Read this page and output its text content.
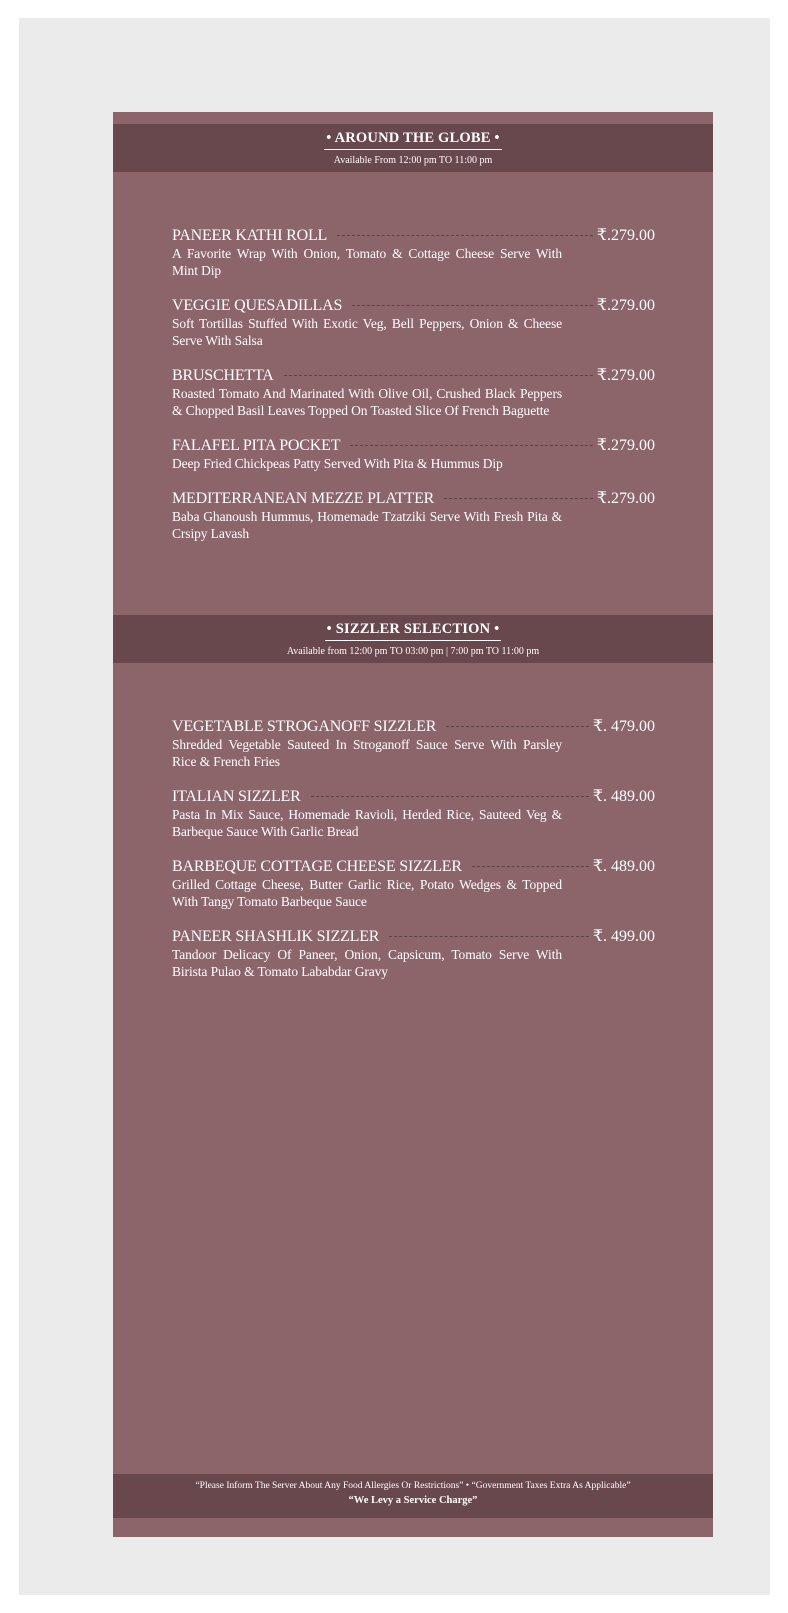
• AROUND THE GLOBE •
Available From 12:00 pm TO 11:00 pm
PANEER KATHI ROLL	₹.279.00
A Favorite Wrap With Onion, Tomato & Cottage Cheese Serve With Mint Dip
VEGGIE QUESADILLAS	₹.279.00
Soft Tortillas Stuffed With Exotic Veg, Bell Peppers, Onion & Cheese Serve With Salsa
BRUSCHETTA	₹.279.00
Roasted Tomato And Marinated With Olive Oil, Crushed Black Peppers & Chopped Basil Leaves Topped On Toasted Slice Of French Baguette
FALAFEL PITA POCKET	₹.279.00
Deep Fried Chickpeas Patty Served With Pita & Hummus Dip
MEDITERRANEAN MEZZE PLATTER	₹.279.00
Baba Ghanoush Hummus, Homemade Tzatziki Serve With Fresh Pita & Crsipy Lavash
• SIZZLER SELECTION •
Available from 12:00 pm TO 03:00 pm | 7:00 pm TO 11:00 pm
VEGETABLE STROGANOFF SIZZLER	₹. 479.00
Shredded Vegetable Sauteed In Stroganoff Sauce Serve With Parsley Rice & French Fries
ITALIAN SIZZLER	₹. 489.00
Pasta In Mix Sauce, Homemade Ravioli, Herded Rice, Sauteed Veg & Barbeque Sauce With Garlic Bread
BARBEQUE COTTAGE CHEESE SIZZLER	₹. 489.00
Grilled Cottage Cheese, Butter Garlic Rice, Potato Wedges & Topped With Tangy Tomato Barbeque Sauce
PANEER SHASHLIK SIZZLER	₹. 499.00
Tandoor Delicacy Of Paneer, Onion, Capsicum, Tomato Serve With Birista Pulao & Tomato Lababdar Gravy
“Please Inform The Server About Any Food Allergies Or Restrictions” • “Government Taxes Extra As Applicable”
“We Levy a Service Charge”
